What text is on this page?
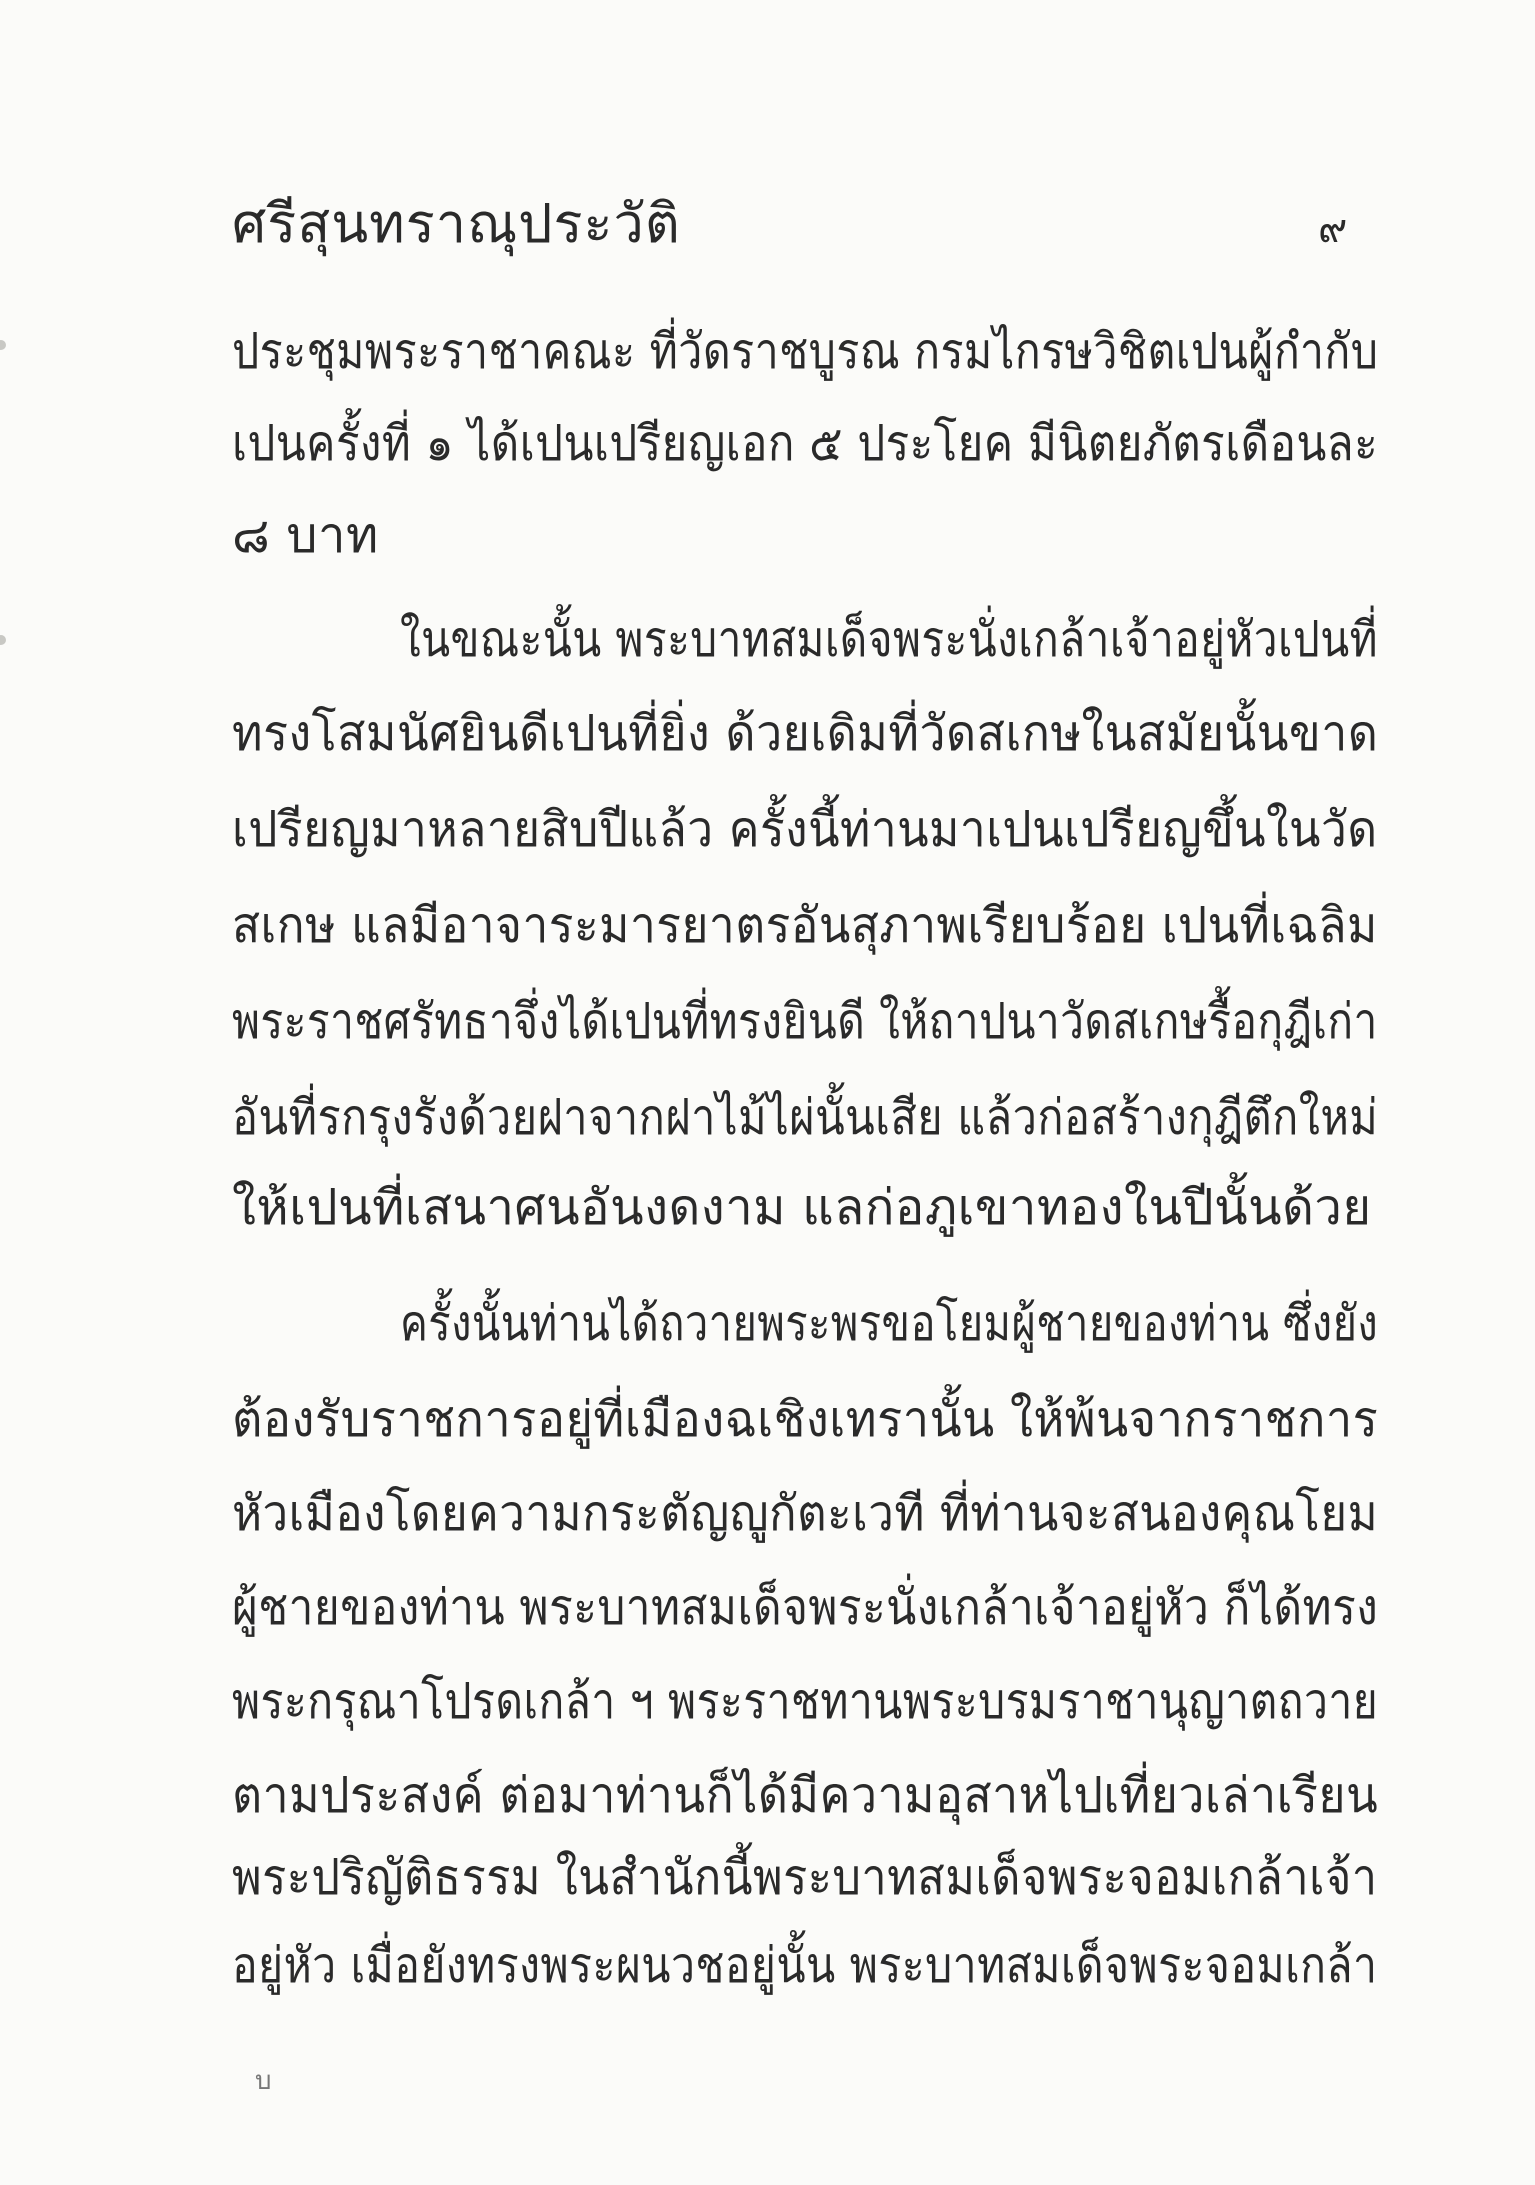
ศรีสุนทราณุประวัติ	๙
ประชุมพระราชาคณะ ที่วัดราชบูรณ กรมไกรษวิชิตเปนผู้กำกับ
เปนครั้งที่ ๑ ได้เปนเปรียญเอก ๕ ประโยค มีนิตยภัตรเดือนละ
๘ บาท
ในขณะนั้น พระบาทสมเด็จพระนั่งเกล้าเจ้าอยู่หัวเปนที่
ทรงโสมนัศยินดีเปนที่ยิ่ง ด้วยเดิมที่วัดสเกษในสมัยนั้นขาด
เปรียญมาหลายสิบปีแล้ว ครั้งนี้ท่านมาเปนเปรียญขึ้นในวัด
สเกษ แลมีอาจาระมารยาตรอันสุภาพเรียบร้อย เปนที่เฉลิม
พระราชศรัทธาจึ่งได้เปนที่ทรงยินดี ให้ถาปนาวัดสเกษรื้อกุฎีเก่า
อันที่รกรุงรังด้วยฝาจากฝาไม้ไผ่นั้นเสีย แล้วก่อสร้างกุฎีตึกใหม่
ให้เปนที่เสนาศนอันงดงาม แลก่อภูเขาทองในปีนั้นด้วย
ครั้งนั้นท่านได้ถวายพระพรขอโยมผู้ชายของท่าน ซึ่งยัง
ต้องรับราชการอยู่ที่เมืองฉเชิงเทรานั้น ให้พ้นจากราชการ
หัวเมืองโดยความกระตัญญูกัตะเวที ที่ท่านจะสนองคุณโยม
ผู้ชายของท่าน พระบาทสมเด็จพระนั่งเกล้าเจ้าอยู่หัว ก็ได้ทรง
พระกรุณาโปรดเกล้า ฯ พระราชทานพระบรมราชานุญาตถวาย
ตามประสงค์ ต่อมาท่านก็ได้มีความอุสาหไปเที่ยวเล่าเรียน
พระปริญัติธรรม ในสำนักนี้พระบาทสมเด็จพระจอมเกล้าเจ้า
อยู่หัว เมื่อยังทรงพระผนวชอยู่นั้น พระบาทสมเด็จพระจอมเกล้า
บ
